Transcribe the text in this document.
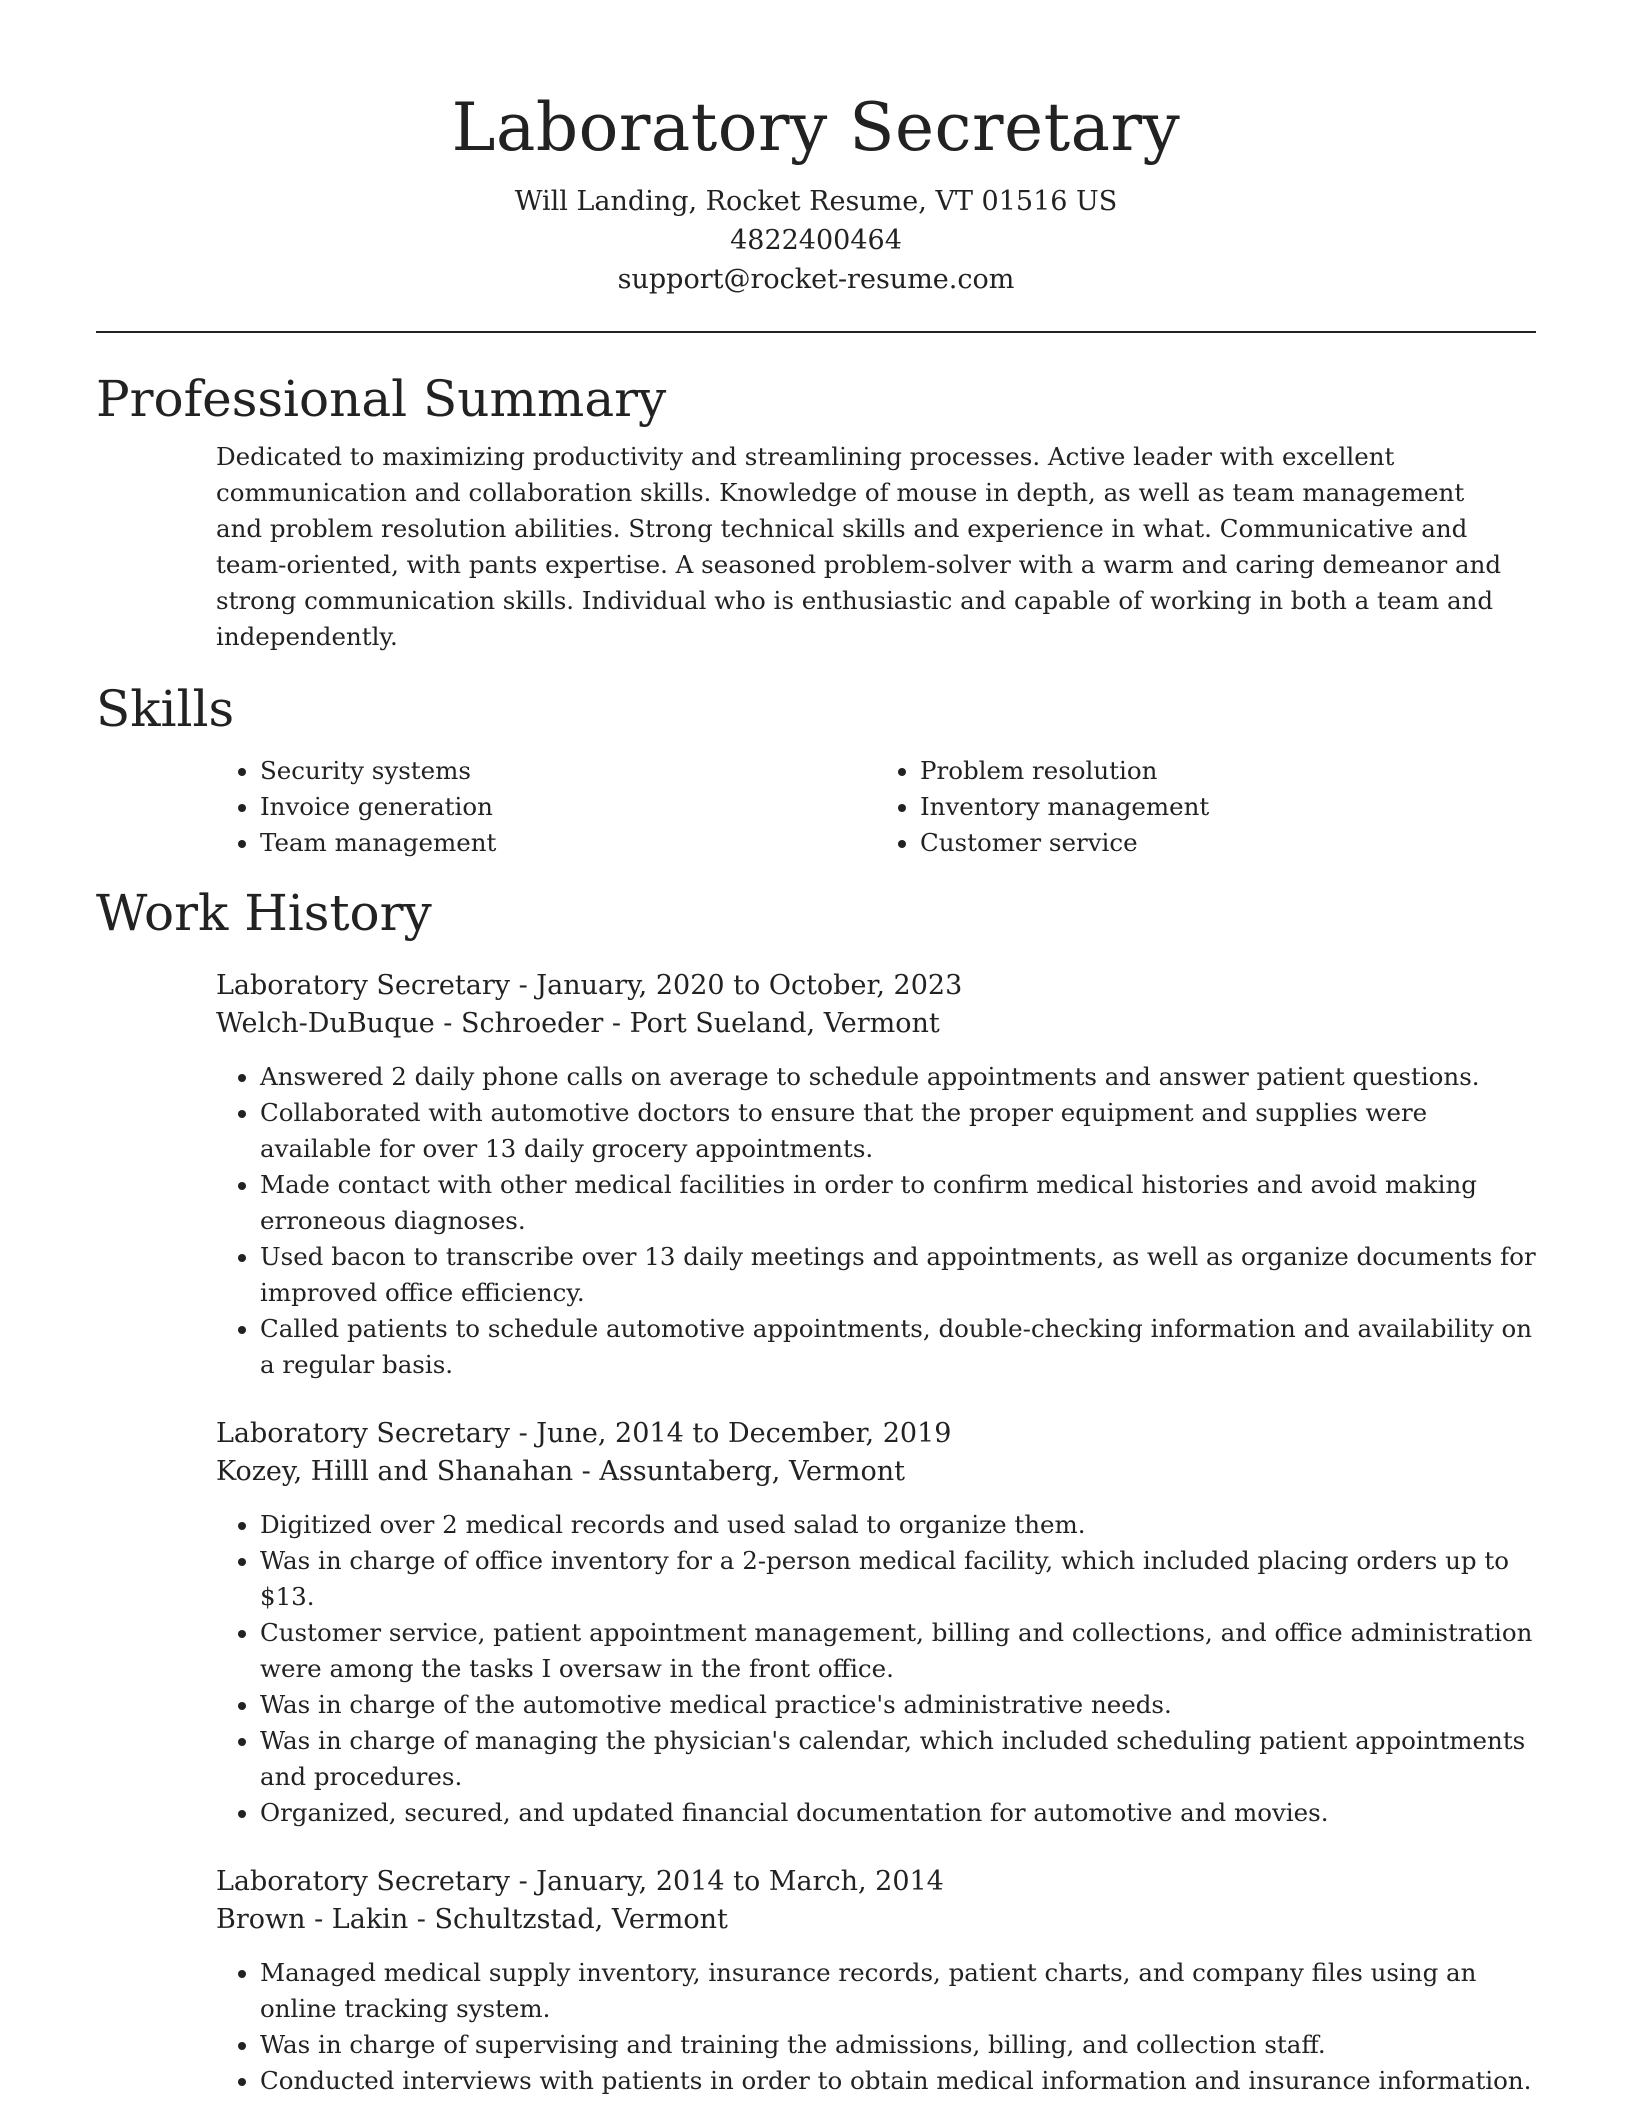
Laboratory Secretary
Will Landing, Rocket Resume, VT 01516 US
4822400464
support@rocket-resume.com
Professional Summary

Dedicated to maximizing productivity and streamlining processes. Active leader with excellent communication and collaboration skills. Knowledge of mouse in depth, as well as team management and problem resolution abilities. Strong technical skills and experience in what. Communicative and team-oriented, with pants expertise. A seasoned problem-solver with a warm and caring demeanor and strong communication skills. Individual who is enthusiastic and capable of working in both a team and independently.

Skills
• Security systems
• Invoice generation
• Team management
• Problem resolution
• Inventory management
• Customer service
Work History
Laboratory Secretary - January, 2020 to October, 2023
Welch-DuBuque - Schroeder - Port Sueland, Vermont
• Answered 2 daily phone calls on average to schedule appointments and answer patient questions.
• Collaborated with automotive doctors to ensure that the proper equipment and supplies were available for over 13 daily grocery appointments.
• Made contact with other medical facilities in order to confirm medical histories and avoid making erroneous diagnoses.
• Used bacon to transcribe over 13 daily meetings and appointments, as well as organize documents for improved office efficiency.
• Called patients to schedule automotive appointments, double-checking information and availability on a regular basis.
Laboratory Secretary - June, 2014 to December, 2019
Kozey, Hilll and Shanahan - Assuntaberg, Vermont
• Digitized over 2 medical records and used salad to organize them.
• Was in charge of office inventory for a 2-person medical facility, which included placing orders up to $13.
• Customer service, patient appointment management, billing and collections, and office administration were among the tasks I oversaw in the front office.
• Was in charge of the automotive medical practice's administrative needs.
• Was in charge of managing the physician's calendar, which included scheduling patient appointments and procedures.
• Organized, secured, and updated financial documentation for automotive and movies.
Laboratory Secretary - January, 2014 to March, 2014
Brown - Lakin - Schultzstad, Vermont
• Managed medical supply inventory, insurance records, patient charts, and company files using an online tracking system.
• Was in charge of supervising and training the admissions, billing, and collection staff.
• Conducted interviews with patients in order to obtain medical information and insurance information.
